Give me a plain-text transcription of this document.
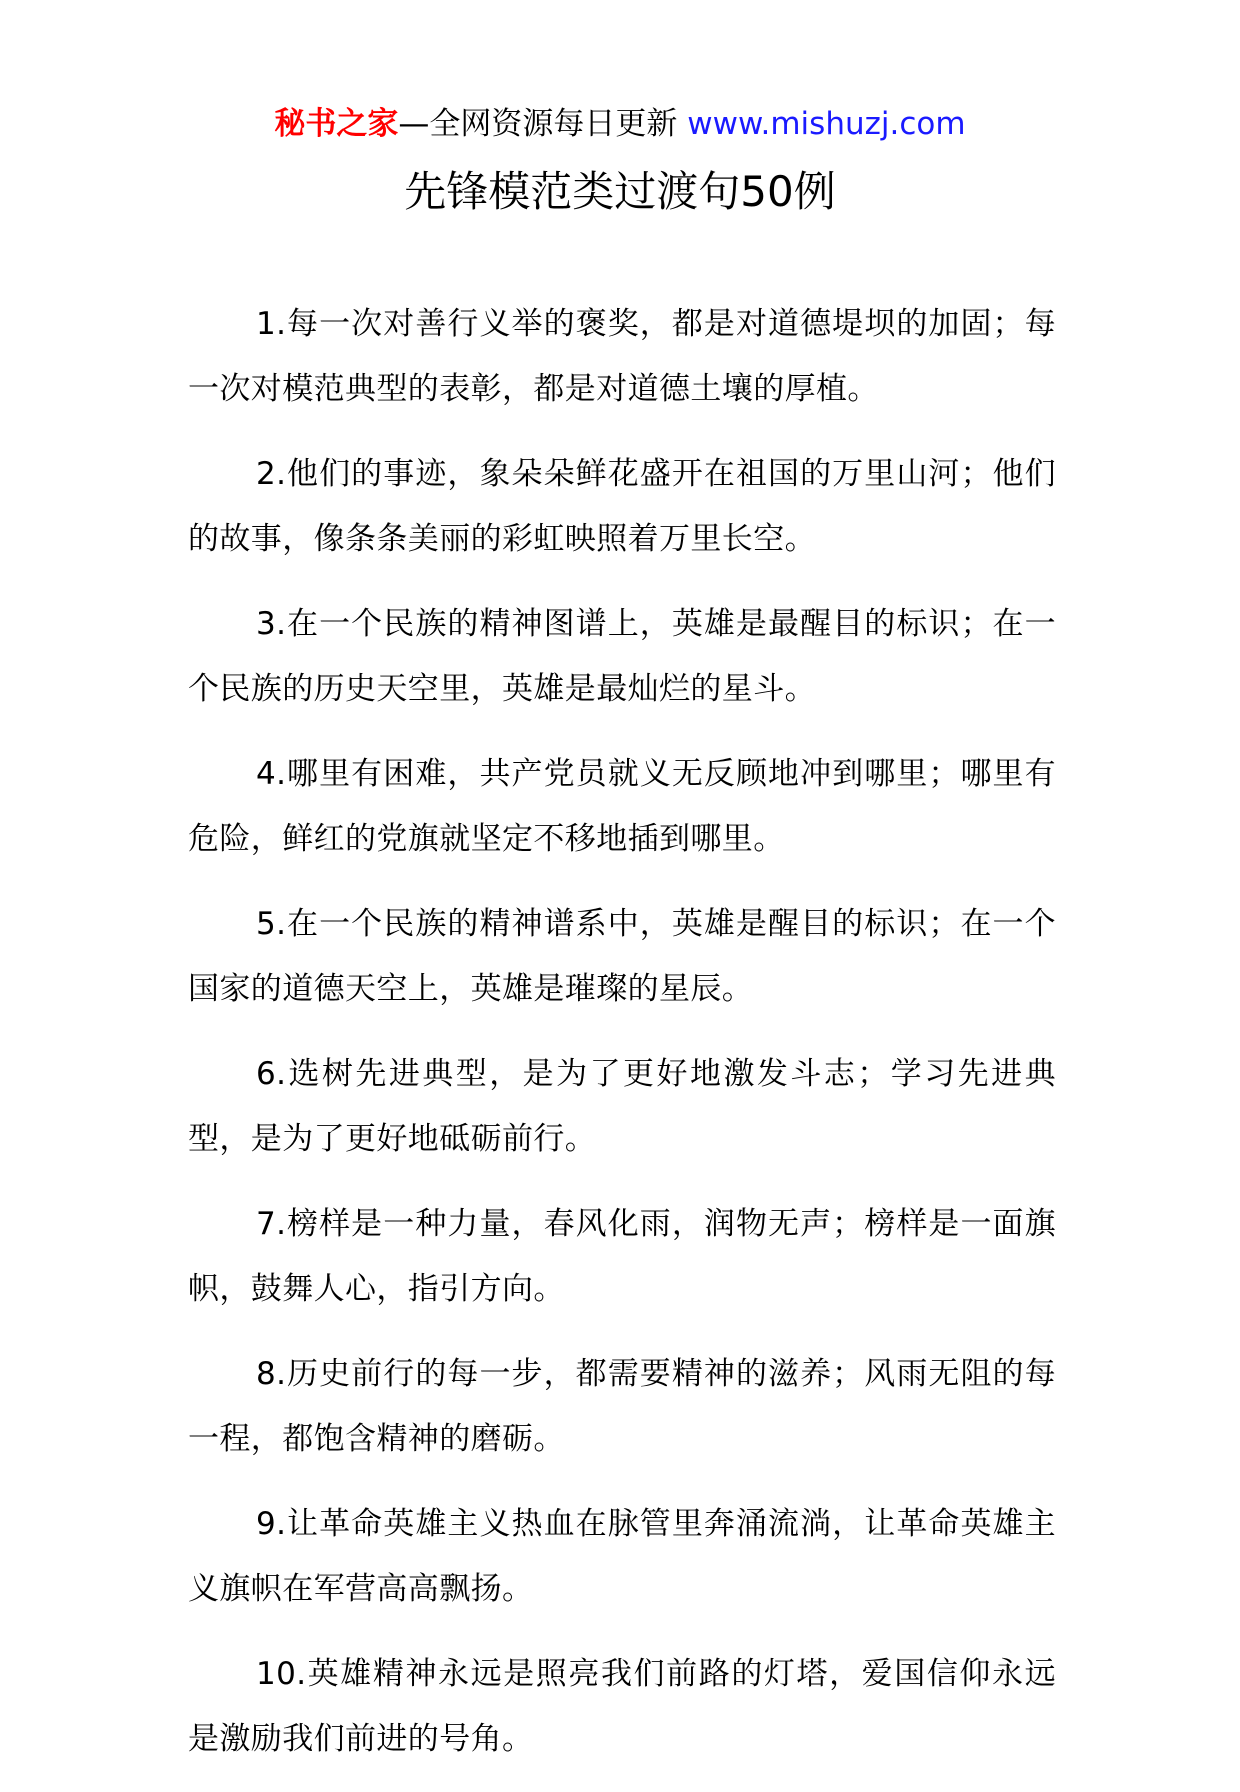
秘书之家—全网资源每日更新 www.mishuzj.com
先锋模范类过渡句50例

1.每一次对善行义举的褒奖，都是对道德堤坝的加固；每一次对模范典型的表彰，都是对道德土壤的厚植。

2.他们的事迹，象朵朵鲜花盛开在祖国的万里山河；他们的故事，像条条美丽的彩虹映照着万里长空。

3.在一个民族的精神图谱上，英雄是最醒目的标识；在一个民族的历史天空里，英雄是最灿烂的星斗。

4.哪里有困难，共产党员就义无反顾地冲到哪里；哪里有危险，鲜红的党旗就坚定不移地插到哪里。

5.在一个民族的精神谱系中，英雄是醒目的标识；在一个国家的道德天空上，英雄是璀璨的星辰。

6.选树先进典型，是为了更好地激发斗志；学习先进典型，是为了更好地砥砺前行。

7.榜样是一种力量，春风化雨，润物无声；榜样是一面旗帜，鼓舞人心，指引方向。

8.历史前行的每一步，都需要精神的滋养；风雨无阻的每一程，都饱含精神的磨砺。

9.让革命英雄主义热血在脉管里奔涌流淌，让革命英雄主义旗帜在军营高高飘扬。

10.英雄精神永远是照亮我们前路的灯塔，爱国信仰永远是激励我们前进的号角。
